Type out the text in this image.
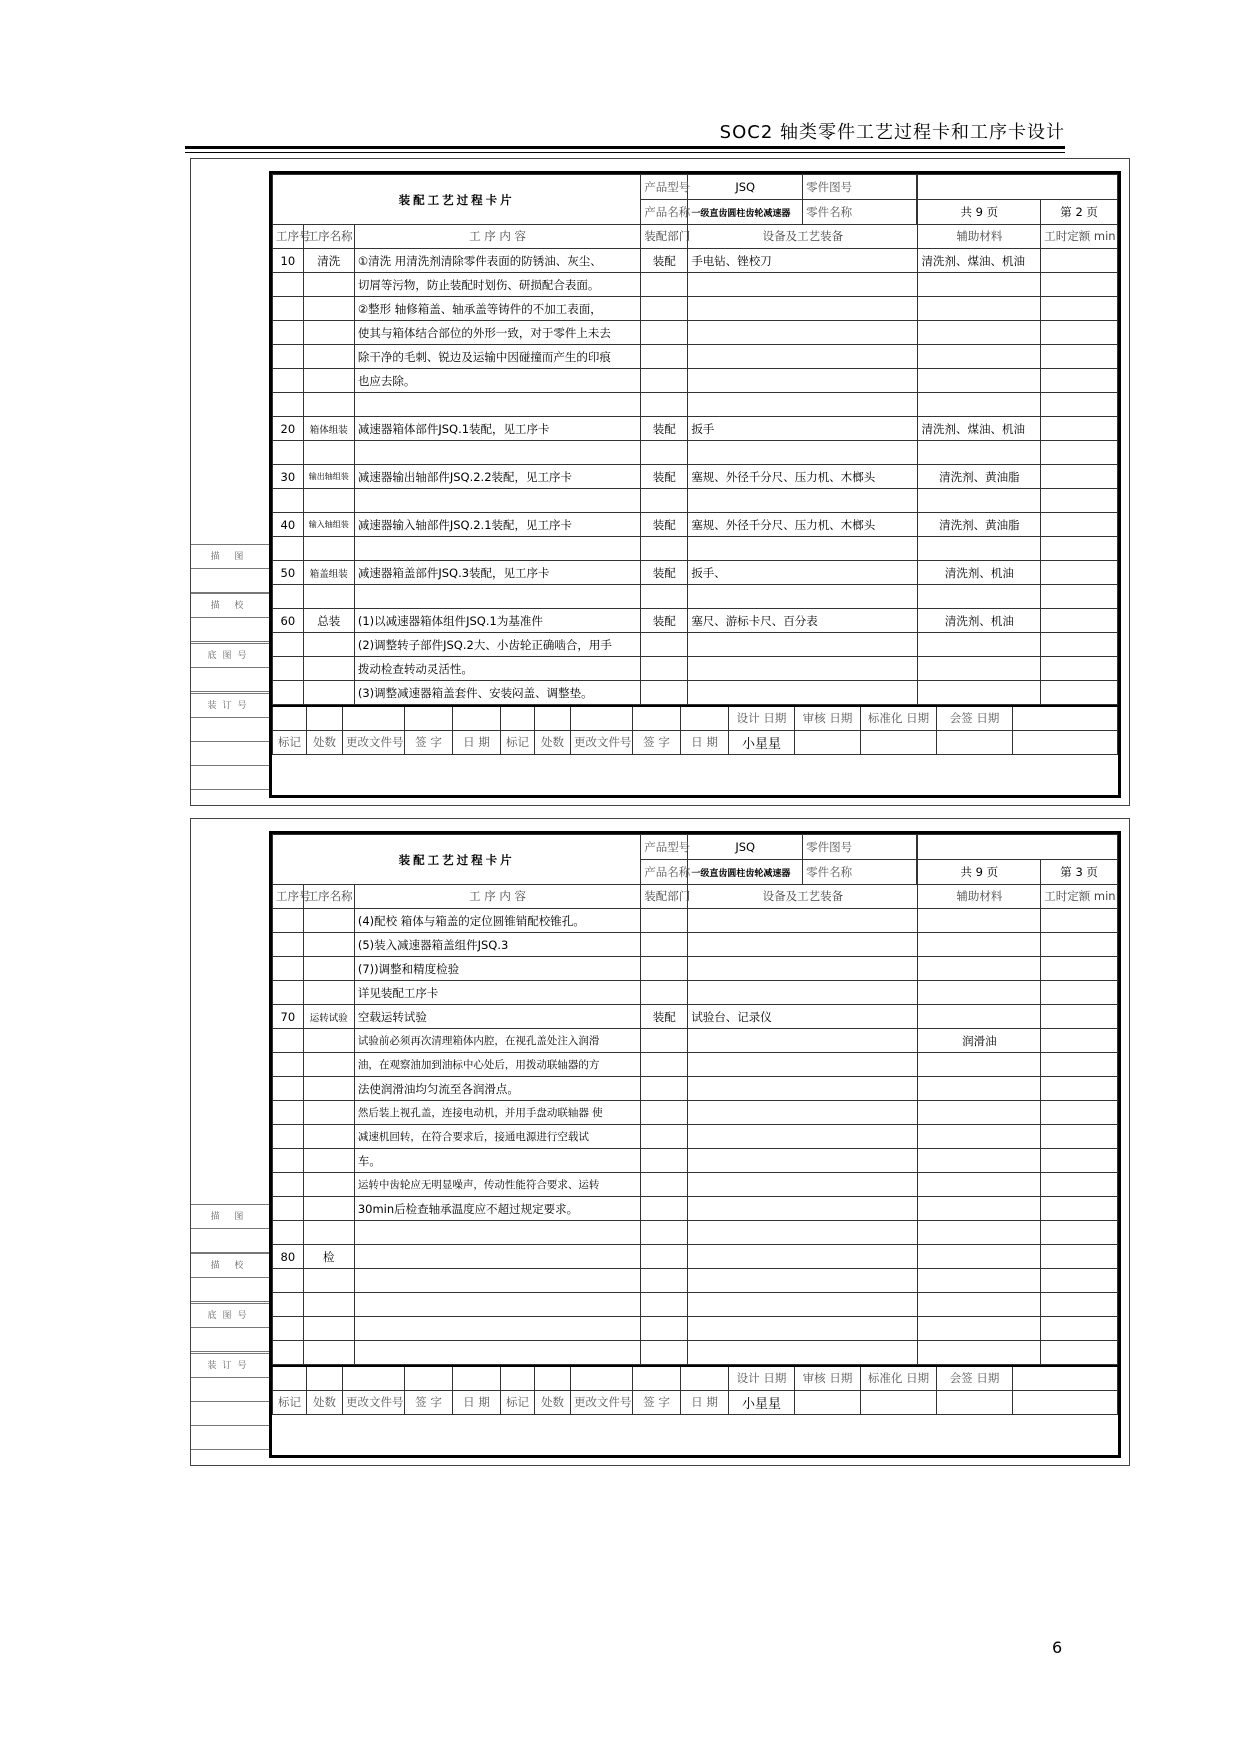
SOC2 轴类零件工艺过程卡和工序卡设计
描 图
描 校
底图号
装订号
装配工艺过程卡片	产品型号		JSQ	零件图号

产品名称	一级直齿圆柱齿轮减速器	零件名称
		共 9 页	第 2 页
工序号	工序名称	工 序 内 容	装配部门	设备及工艺装备	辅助材料	工时定额 min
10	清洗	①清洗 用清洗剂清除零件表面的防锈油、灰尘、	装配	手电钻、锉校刀	清洗剂、煤油、机油	
		切屑等污物，防止装配时划伤、研损配合表面。				
		②整形 轴修箱盖、轴承盖等铸件的不加工表面，				
		使其与箱体结合部位的外形一致，对于零件上未去				
		除干净的毛刺、锐边及运输中因碰撞而产生的印痕				
		也应去除。				

20	箱体组装	减速器箱体部件JSQ.1装配，见工序卡	装配	扳手	清洗剂、煤油、机油	

30	输出轴组装	减速器输出轴部件JSQ.2.2装配，见工序卡	装配	塞规、外径千分尺、压力机、木榔头	清洗剂、黄油脂	

40	输入轴组装	减速器输入轴部件JSQ.2.1装配，见工序卡	装配	塞规、外径千分尺、压力机、木榔头	清洗剂、黄油脂	

50	箱盖组装	减速器箱盖部件JSQ.3装配，见工序卡	装配	扳手、	清洗剂、机油	

60	总装	(1)以减速器箱体组件JSQ.1为基准件	装配	塞尺、游标卡尺、百分表	清洗剂、机油	
		(2)调整转子部件JSQ.2大、小齿轮正确啮合，用手				
		拨动检查转动灵活性。				
		(3)调整减速器箱盖套件、安装闷盖、调整垫。				
										设计 日期	审核 日期	标准化 日期	会签 日期	
标记	处数	更改文件号	签 字	日 期	标记	处数	更改文件号	签 字	日 期	小星星				
描 图
描 校
底图号
装订号
装配工艺过程卡片	产品型号		JSQ	零件图号

产品名称	一级直齿圆柱齿轮减速器	零件名称
		共 9 页	第 3 页
工序号	工序名称	工 序 内 容	装配部门	设备及工艺装备	辅助材料	工时定额 min
		(4)配校 箱体与箱盖的定位圆锥销配校锥孔。				
		(5)装入减速器箱盖组件JSQ.3				
		(7))调整和精度检验				
		详见装配工序卡				
70	运转试验	空载运转试验	装配	试验台、记录仪		
		试验前必须再次清理箱体内腔，在视孔盖处注入润滑			润滑油	
		油，在观察油加到油标中心处后，用拨动联轴器的方				
		法使润滑油均匀流至各润滑点。				
		然后装上视孔盖，连接电动机，并用手盘动联轴器 使				
		减速机回转，在符合要求后，接通电源进行空载试				
		车。				
		运转中齿轮应无明显噪声，传动性能符合要求、运转				
		30min后检查轴承温度应不超过规定要求。				

80	检					

										设计 日期	审核 日期	标准化 日期	会签 日期	
标记	处数	更改文件号	签 字	日 期	标记	处数	更改文件号	签 字	日 期	小星星				
6
